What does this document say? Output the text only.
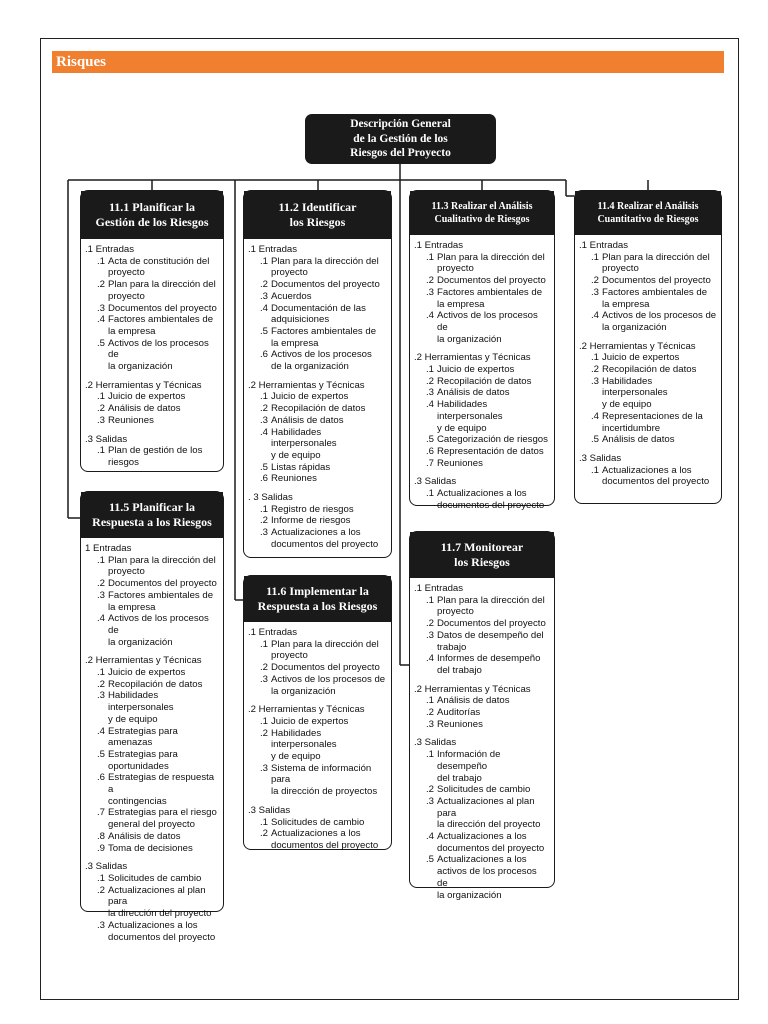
Risques
Descripción General
de la Gestión de los
Riesgos del Proyecto
11.1 Planificar la
Gestión de los Riesgos
.1 Entradas
.1 Acta de constitución del
proyecto
.2 Plan para la dirección del
proyecto
.3 Documentos del proyecto
.4 Factores ambientales de
la empresa
.5 Activos de los procesos de
la organización
.2 Herramientas y Técnicas
.1 Juicio de expertos
.2 Análisis de datos
.3 Reuniones
.3 Salidas
.1 Plan de gestión de los
riesgos
11.2 Identificar
los Riesgos
.1 Entradas
.1 Plan para la dirección del
proyecto
.2 Documentos del proyecto
.3 Acuerdos
.4 Documentación de las
adquisiciones
.5 Factores ambientales de
la empresa
.6 Activos de los procesos
de la organización
.2 Herramientas y Técnicas
.1 Juicio de expertos
.2 Recopilación de datos
.3 Análisis de datos
.4 Habilidades interpersonales
y de equipo
.5 Listas rápidas
.6 Reuniones
. 3 Salidas
.1 Registro de riesgos
.2 Informe de riesgos
.3 Actualizaciones a los
documentos del proyecto
11.3 Realizar el Análisis
Cualitativo de Riesgos
.1 Entradas
.1 Plan para la dirección del
proyecto
.2 Documentos del proyecto
.3 Factores ambientales de
la empresa
.4 Activos de los procesos de
la organización
.2 Herramientas y Técnicas
.1 Juicio de expertos
.2 Recopilación de datos
.3 Análisis de datos
.4 Habilidades interpersonales
y de equipo
.5 Categorización de riesgos
.6 Representación de datos
.7 Reuniones
.3 Salidas
.1 Actualizaciones a los
documentos del proyecto
11.4 Realizar el Análisis
Cuantitativo de Riesgos
.1 Entradas
.1 Plan para la dirección del
proyecto
.2 Documentos del proyecto
.3 Factores ambientales de
la empresa
.4 Activos de los procesos de
la organización
.2 Herramientas y Técnicas
.1 Juicio de expertos
.2 Recopilación de datos
.3 Habilidades interpersonales
y de equipo
.4 Representaciones de la
incertidumbre
.5 Análisis de datos
.3 Salidas
.1 Actualizaciones a los
documentos del proyecto
11.5 Planificar la
Respuesta a los Riesgos
1 Entradas
.1 Plan para la dirección del
proyecto
.2 Documentos del proyecto
.3 Factores ambientales de
la empresa
.4 Activos de los procesos de
la organización
.2 Herramientas y Técnicas
.1 Juicio de expertos
.2 Recopilación de datos
.3 Habilidades interpersonales
y de equipo
.4 Estrategias para amenazas
.5 Estrategias para
oportunidades
.6 Estrategias de respuesta a
contingencias
.7 Estrategias para el riesgo
general del proyecto
.8 Análisis de datos
.9 Toma de decisiones
.3 Salidas
.1 Solicitudes de cambio
.2 Actualizaciones al plan para
la dirección del proyecto
.3 Actualizaciones a los
documentos del proyecto
11.6 Implementar la
Respuesta a los Riesgos
.1 Entradas
.1 Plan para la dirección del
proyecto
.2 Documentos del proyecto
.3 Activos de los procesos de
la organización
.2 Herramientas y Técnicas
.1 Juicio de expertos
.2 Habilidades interpersonales
y de equipo
.3 Sistema de información para
la dirección de proyectos
.3 Salidas
.1 Solicitudes de cambio
.2 Actualizaciones a los
documentos del proyecto
11.7 Monitorear
los Riesgos
.1 Entradas
.1 Plan para la dirección del
proyecto
.2 Documentos del proyecto
.3 Datos de desempeño del
trabajo
.4 Informes de desempeño
del trabajo
.2 Herramientas y Técnicas
.1 Análisis de datos
.2 Auditorías
.3 Reuniones
.3 Salidas
.1 Información de desempeño
del trabajo
.2 Solicitudes de cambio
.3 Actualizaciones al plan para
la dirección del proyecto
.4 Actualizaciones a los
documentos del proyecto
.5 Actualizaciones a los
activos de los procesos de
la organización
